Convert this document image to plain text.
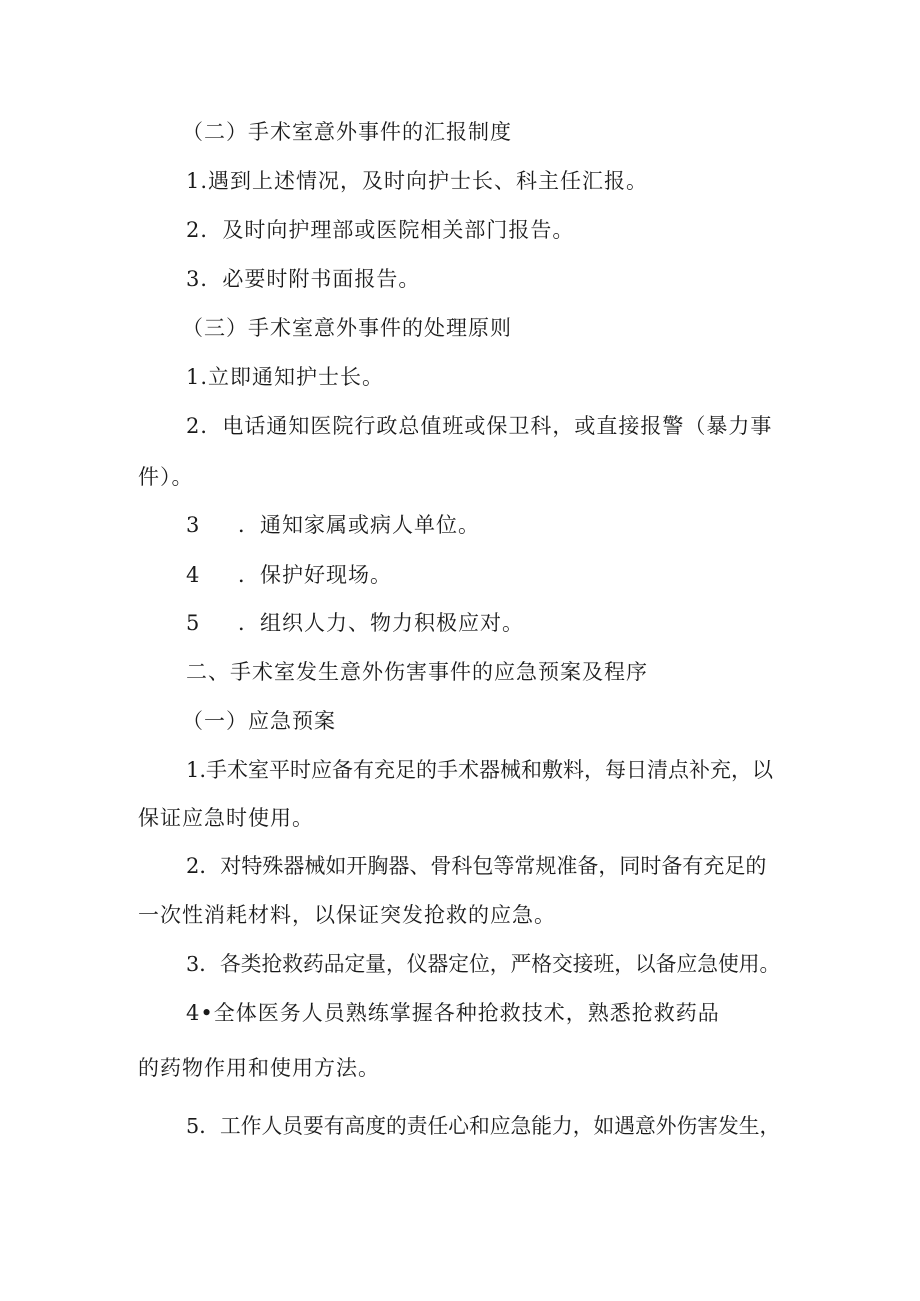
（二）手术室意外事件的汇报制度
1.遇到上述情况，及时向护士长、科主任汇报。
2．及时向护理部或医院相关部门报告。
3．必要时附书面报告。
（三）手术室意外事件的处理原则
1.立即通知护士长。
2．电话通知医院行政总值班或保卫科，或直接报警（暴力事
件）。
3 ．通知家属或病人单位。
4 ．保护好现场。
5 ．组织人力、物力积极应对。
二、手术室发生意外伤害事件的应急预案及程序
（一）应急预案
1.手术室平时应备有充足的手术器械和敷料，每日清点补充，以
保证应急时使用。
2．对特殊器械如开胸器、骨科包等常规准备，同时备有充足的
一次性消耗材料，以保证突发抢救的应急。
3．各类抢救药品定量，仪器定位，严格交接班，以备应急使用。
4•全体医务人员熟练掌握各种抢救技术，熟悉抢救药品
的药物作用和使用方法。
5．工作人员要有高度的责任心和应急能力，如遇意外伤害发生，
